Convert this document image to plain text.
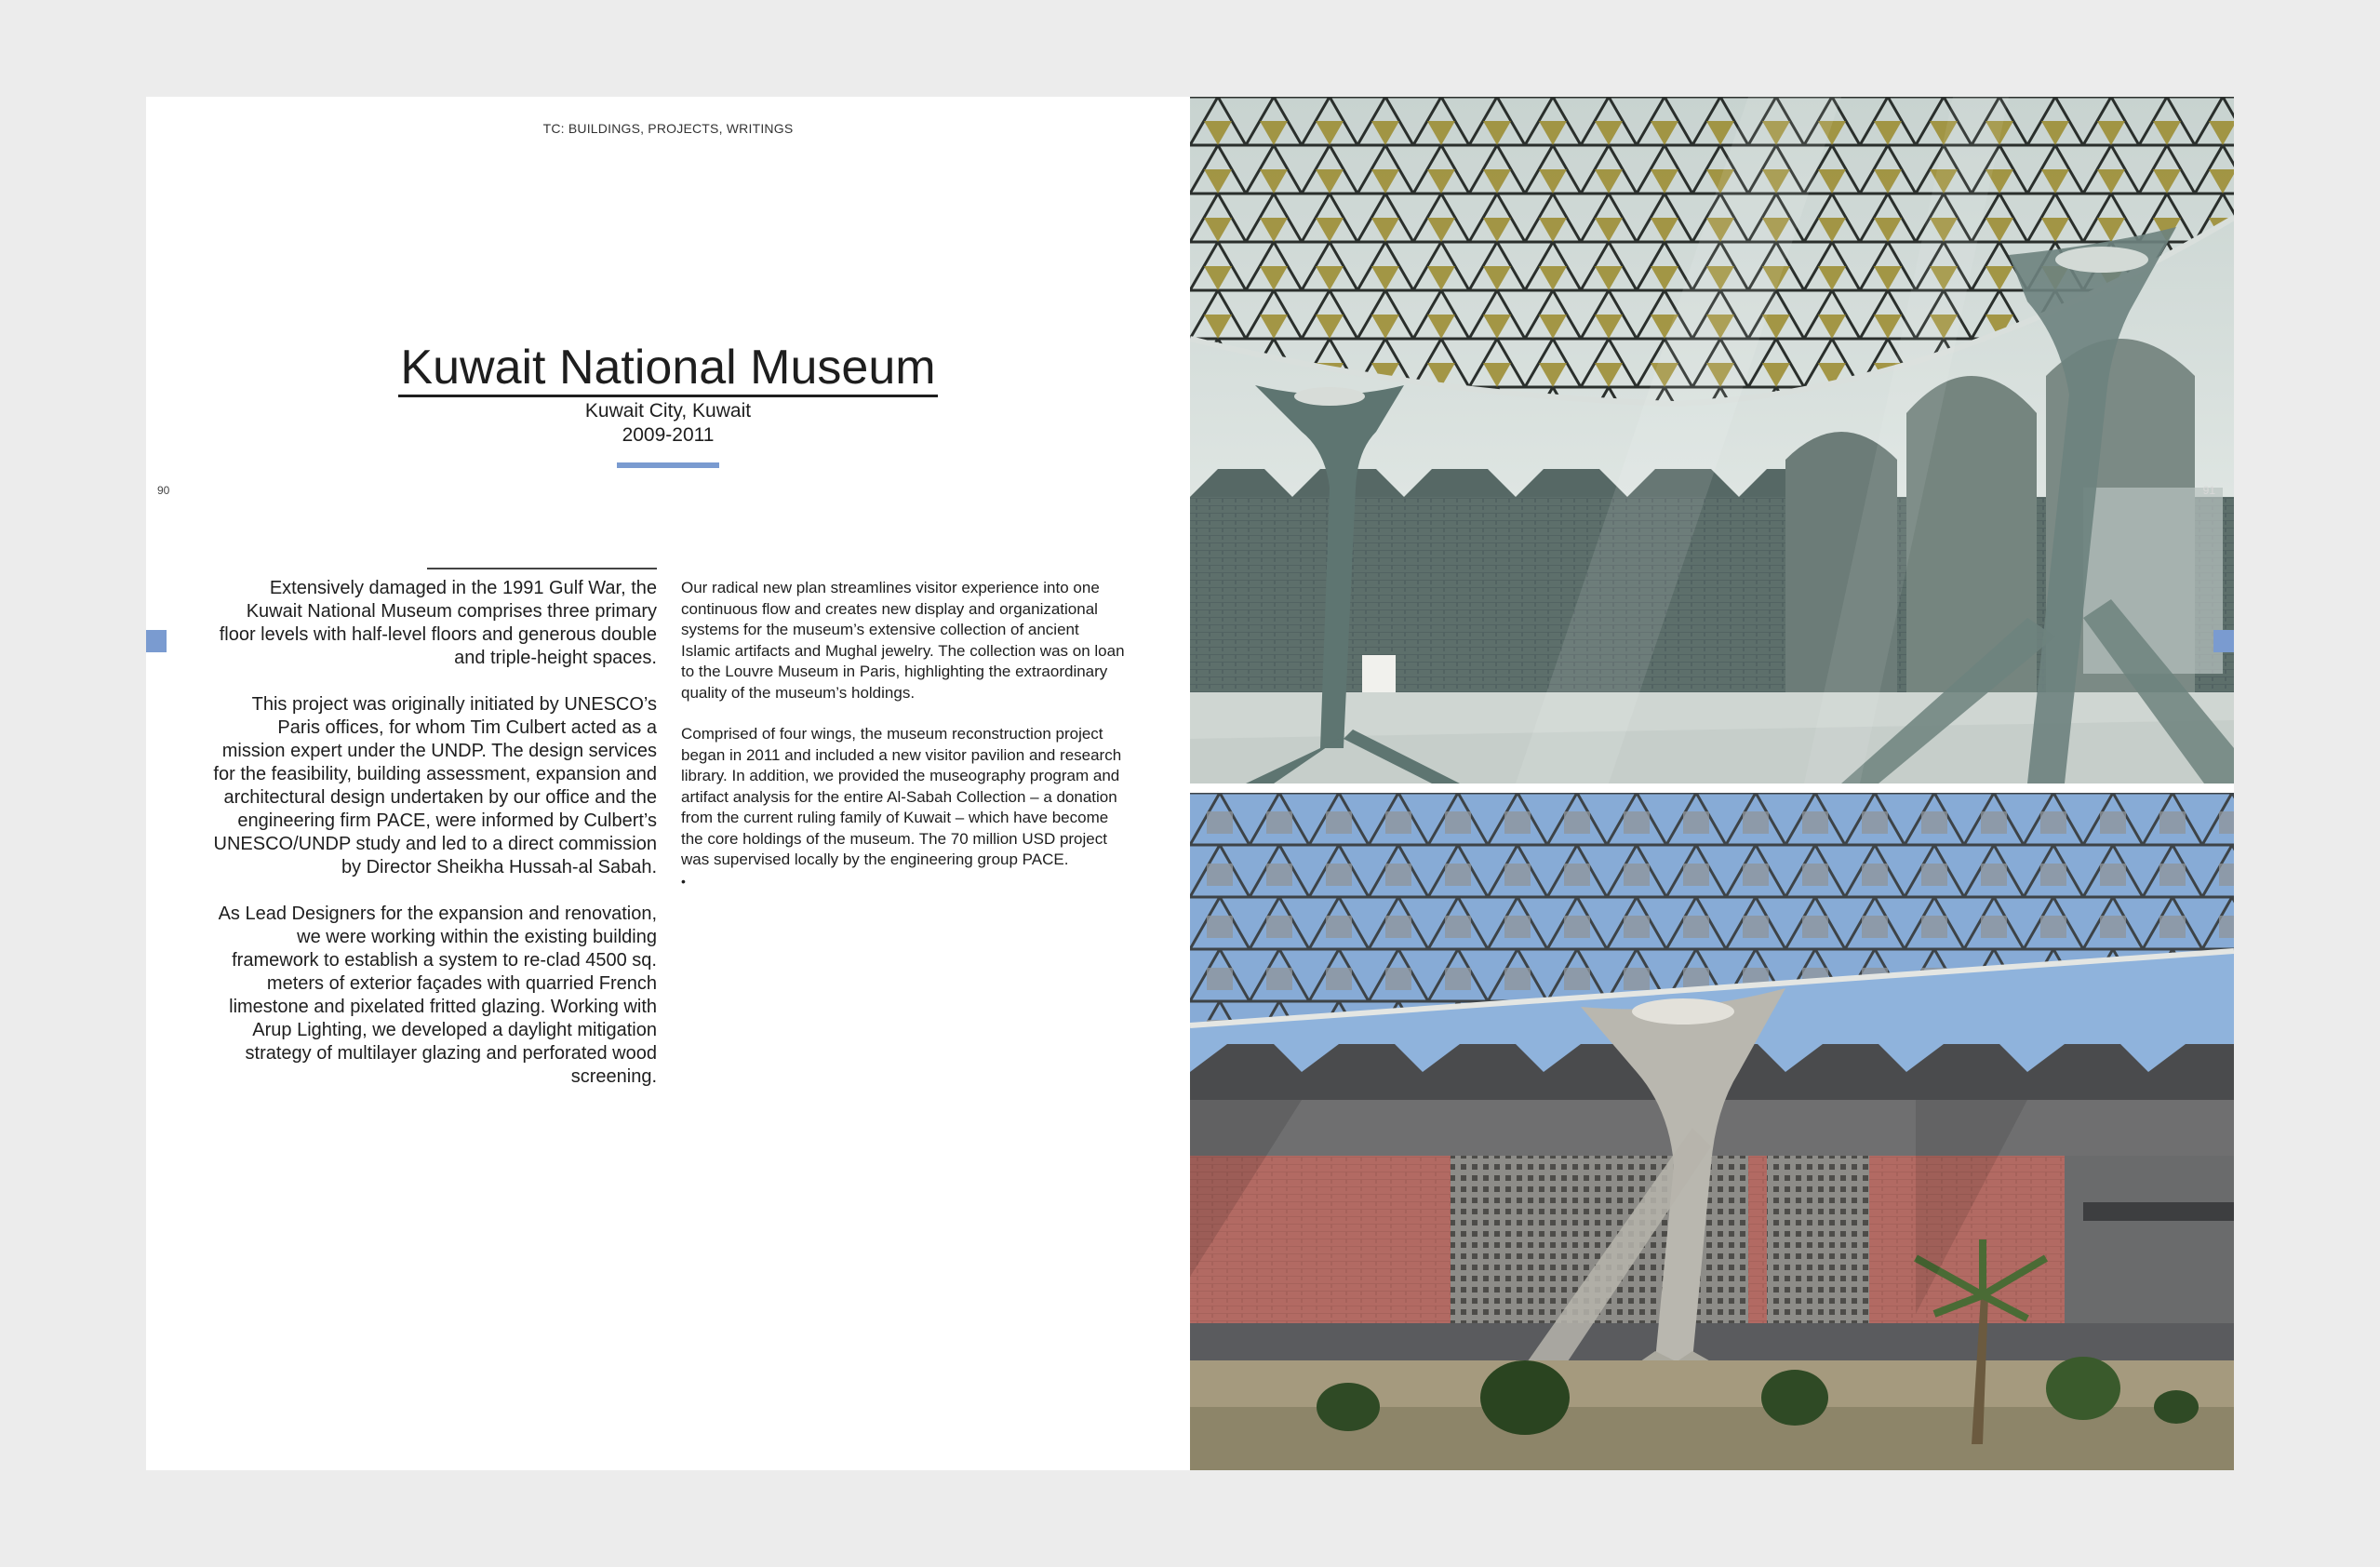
TC: BUILDINGS, PROJECTS, WRITINGS
Kuwait National Museum
Kuwait City, Kuwait
2009-2011
90

Extensively damaged in the 1991 Gulf War, the Kuwait National Museum comprises three primary floor levels with half-level floors and generous double and triple-height spaces.

This project was originally initiated by UNESCO’s Paris offices, for whom Tim Culbert acted as a mission expert under the UNDP. The design services for the feasibility, building assessment, expansion and architectural design undertaken by our office and the engineering firm PACE, were informed by Culbert’s UNESCO/UNDP study and led to a direct commission by Director Sheikha Hussah-al Sabah.

As Lead Designers for the expansion and renovation, we were working within the existing building framework to establish a system to re-clad 4500 sq. meters of exterior façades with quarried French limestone and pixelated fritted glazing. Working with Arup Lighting, we developed a daylight mitigation strategy of multilayer glazing and perforated wood screening.

Our radical new plan streamlines visitor experience into one continuous flow and creates new display and organizational systems for the museum’s extensive collection of ancient Islamic artifacts and Mughal jewelry. The collection was on loan to the Louvre Museum in Paris, highlighting the extraordinary quality of the museum’s holdings.

Comprised of four wings, the museum reconstruction project began in 2011 and included a new visitor pavilion and research library. In addition, we provided the museography program and artifact analysis for the entire Al-Sabah Collection – a donation from the current ruling family of Kuwait – which have become the core holdings of the museum. The 70 million USD project was supervised locally by the engineering group PACE.

•
91
